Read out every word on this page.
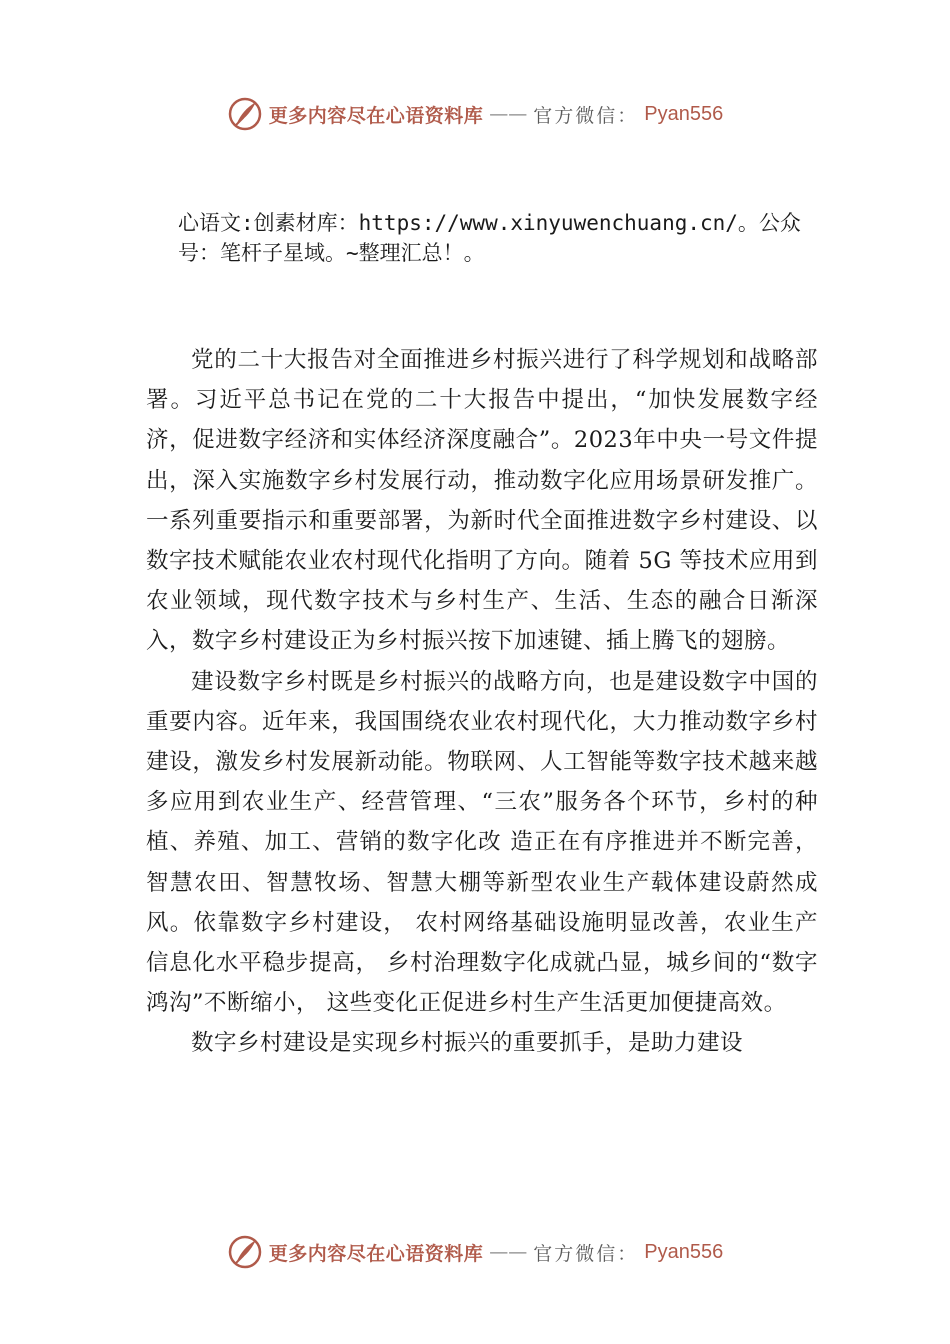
更多内容尽在心语资料库 —— 官方微信： Pyan556
心语文:创素材库：https://www.xinyuwenchuang.cn/。公众号：笔杆子星域。~整理汇总！。

党的二十大报告对全面推进乡村振兴进行了科学规划和战略部署。习近平总书记在党的二十大报告中提出，“加快发展数字经济，促进数字经济和实体经济深度融合”。2023年中央一号文件提出，深入实施数字乡村发展行动，推动数字化应用场景研发推广。一系列重要指示和重要部署，为新时代全面推进数字乡村建设、以数字技术赋能农业农村现代化指明了方向。随着 5G 等技术应用到农业领域，现代数字技术与乡村生产、生活、生态的融合日渐深入，数字乡村建设正为乡村振兴按下加速键、插上腾飞的翅膀。

建设数字乡村既是乡村振兴的战略方向，也是建设数字中国的重要内容。近年来，我国围绕农业农村现代化，大力推动数字乡村建设，激发乡村发展新动能。物联网、人工智能等数字技术越来越多应用到农业生产、经营管理、“三农”服务各个环节，乡村的种植、养殖、加工、营销的数字化改 造正在有序推进并不断完善，智慧农田、智慧牧场、智慧大棚等新型农业生产载体建设蔚然成风。依靠数字乡村建设， 农村网络基础设施明显改善，农业生产信息化水平稳步提高， 乡村治理数字化成就凸显，城乡间的“数字鸿沟”不断缩小， 这些变化正促进乡村生产生活更加便捷高效。

数字乡村建设是实现乡村振兴的重要抓手，是助力建设

更多内容尽在心语资料库 —— 官方微信： Pyan556
